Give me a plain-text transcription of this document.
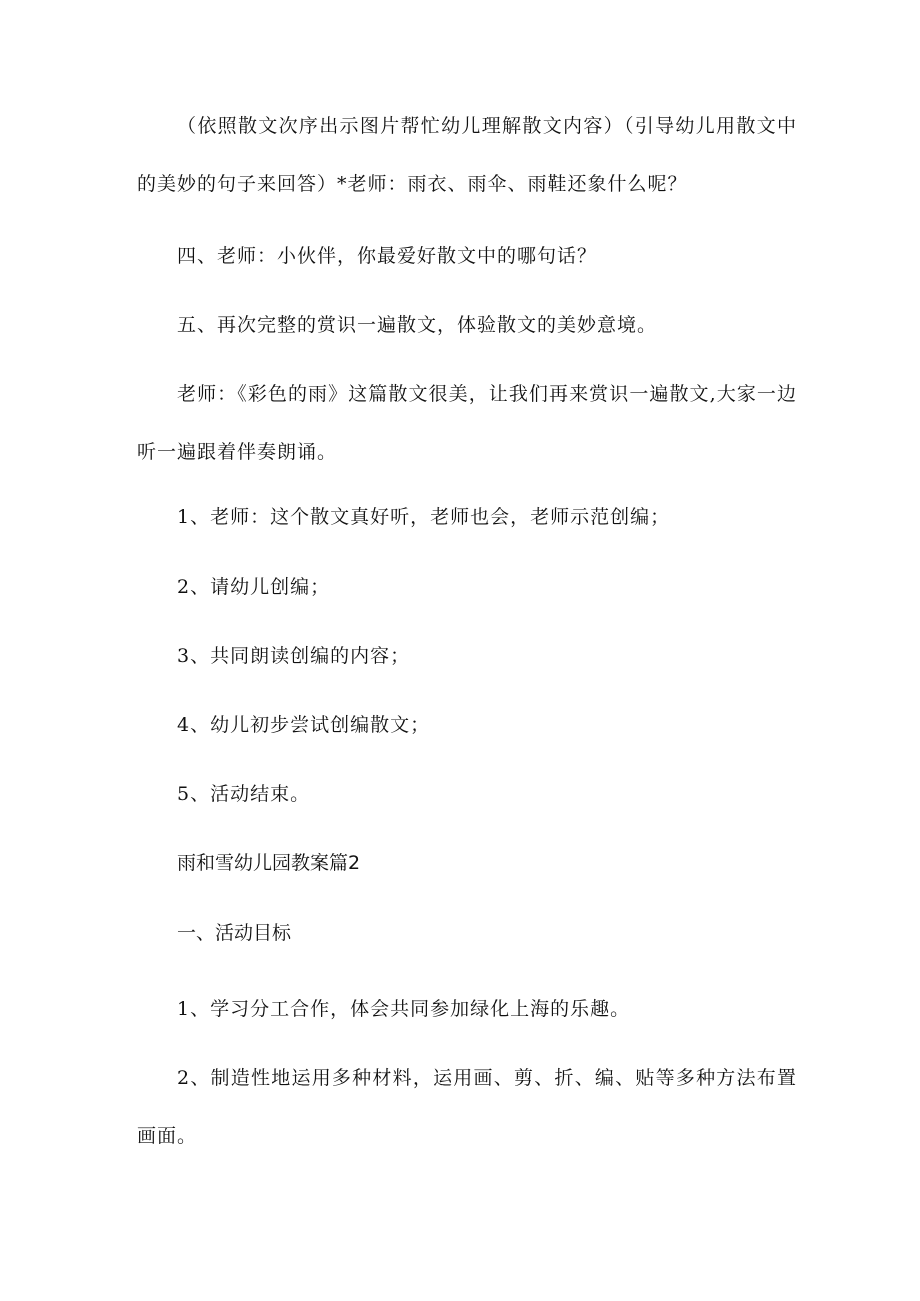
（依照散文次序出示图片帮忙幼儿理解散文内容）（引导幼儿用散文中的美妙的句子来回答）*老师：雨衣、雨伞、雨鞋还象什么呢？

四、老师：小伙伴，你最爱好散文中的哪句话？

五、再次完整的赏识一遍散文，体验散文的美妙意境。

老师：《彩色的雨》这篇散文很美，让我们再来赏识一遍散文,大家一边听一遍跟着伴奏朗诵。

1、老师：这个散文真好听，老师也会，老师示范创编；

2、请幼儿创编；

3、共同朗读创编的内容；

4、幼儿初步尝试创编散文；

5、活动结束。

雨和雪幼儿园教案篇2

一、活动目标

1、学习分工合作，体会共同参加绿化上海的乐趣。

2、制造性地运用多种材料，运用画、剪、折、编、贴等多种方法布置画面。
